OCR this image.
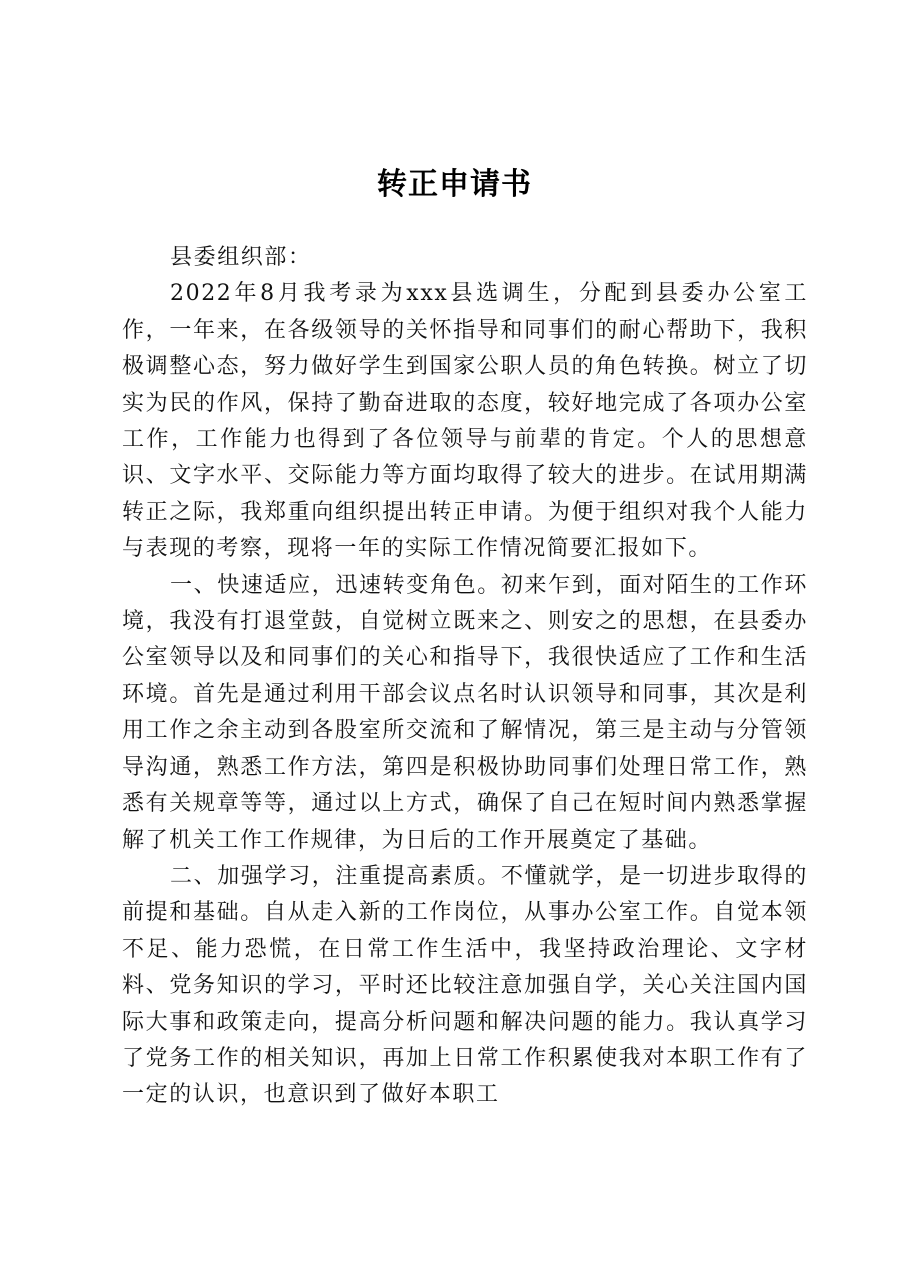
转正申请书

县委组织部：

2022年8月我考录为xxx县选调生，分配到县委办公室工作，一年来，在各级领导的关怀指导和同事们的耐心帮助下，我积极调整心态，努力做好学生到国家公职人员的角色转换。树立了切实为民的作风，保持了勤奋进取的态度，较好地完成了各项办公室工作，工作能力也得到了各位领导与前辈的肯定。个人的思想意识、文字水平、交际能力等方面均取得了较大的进步。在试用期满转正之际，我郑重向组织提出转正申请。为便于组织对我个人能力与表现的考察，现将一年的实际工作情况简要汇报如下。

一、快速适应，迅速转变角色。初来乍到，面对陌生的工作环境，我没有打退堂鼓，自觉树立既来之、则安之的思想，在县委办公室领导以及和同事们的关心和指导下，我很快适应了工作和生活环境。首先是通过利用干部会议点名时认识领导和同事，其次是利用工作之余主动到各股室所交流和了解情况，第三是主动与分管领导沟通，熟悉工作方法，第四是积极协助同事们处理日常工作，熟悉有关规章等等，通过以上方式，确保了自己在短时间内熟悉掌握解了机关工作工作规律，为日后的工作开展奠定了基础。

二、加强学习，注重提高素质。不懂就学，是一切进步取得的前提和基础。自从走入新的工作岗位，从事办公室工作。自觉本领不足、能力恐慌，在日常工作生活中，我坚持政治理论、文字材料、党务知识的学习，平时还比较注意加强自学，关心关注国内国际大事和政策走向，提高分析问题和解决问题的能力。我认真学习了党务工作的相关知识，再加上日常工作积累使我对本职工作有了一定的认识，也意识到了做好本职工
